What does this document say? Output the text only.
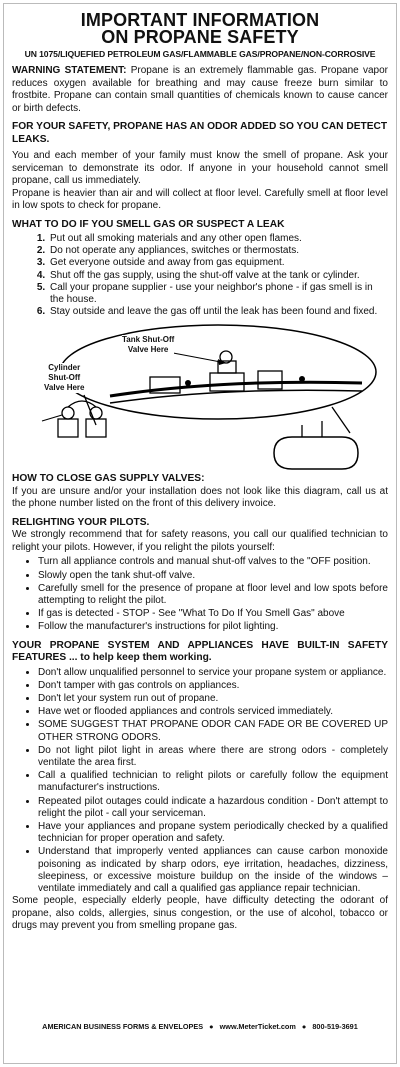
IMPORTANT INFORMATION
ON PROPANE SAFETY
UN 1075/LIQUEFIED PETROLEUM GAS/FLAMMABLE GAS/PROPANE/NON-CORROSIVE

WARNING STATEMENT: Propane is an extremely flammable gas. Propane vapor reduces oxygen available for breathing and may cause freeze burn similar to frostbite. Propane can contain small quantities of chemicals known to cause cancer or birth defects.

FOR YOUR SAFETY, PROPANE HAS AN ODOR ADDED SO YOU CAN DETECT LEAKS.

You and each member of your family must know the smell of propane. Ask your serviceman to demonstrate its odor. If anyone in your household cannot smell propane, call us immediately.

Propane is heavier than air and will collect at floor level. Carefully smell at floor level in low spots to check for propane.

WHAT TO DO IF YOU SMELL GAS OR SUSPECT A LEAK
1. Put out all smoking materials and any other open flames.
2. Do not operate any appliances, switches or thermostats.
3. Get everyone outside and away from gas equipment.
4. Shut off the gas supply, using the shut-off valve at the tank or cylinder.
5. Call your propane supplier - use your neighbor's phone - if gas smell is in the house.
6. Stay outside and leave the gas off until the leak has been found and fixed.
Cylinder
Shut-Off
Valve Here
Tank Shut-Off
Valve Here
HOW TO CLOSE GAS SUPPLY VALVES:

If you are unsure and/or your installation does not look like this diagram, call us at the phone number listed on the front of this delivery invoice.

RELIGHTING YOUR PILOTS.

We strongly recommend that for safety reasons, you call our qualified technician to relight your pilots. However, if you relight the pilots yourself:

• Turn all appliance controls and manual shut-off valves to the "OFF position.
• Slowly open the tank shut-off valve.
• Carefully smell for the presence of propane at floor level and low spots before attempting to relight the pilot.
• If gas is detected - STOP - See "What To Do If You Smell Gas" above
• Follow the manufacturer's instructions for pilot lighting.
YOUR PROPANE SYSTEM AND APPLIANCES HAVE BUILT-IN SAFETY FEATURES ... to help keep them working.
• Don't allow unqualified personnel to service your propane system or appliance.
• Don't tamper with gas controls on appliances.
• Don't let your system run out of propane.
• Have wet or flooded appliances and controls serviced immediately.
• SOME SUGGEST THAT PROPANE ODOR CAN FADE OR BE COVERED UP OTHER STRONG ODORS.
• Do not light pilot light in areas where there are strong odors - completely ventilate the area first.
• Call a qualified technician to relight pilots or carefully follow the equipment manufacturer's instructions.
• Repeated pilot outages could indicate a hazardous condition - Don't attempt to relight the pilot - call your serviceman.
• Have your appliances and propane system periodically checked by a qualified technician for proper operation and safety.
• Understand that improperly vented appliances can cause carbon monoxide poisoning as indicated by sharp odors, eye irritation, headaches, dizziness, sleepiness, or excessive moisture buildup on the inside of the windows – ventilate immediately and call a qualified gas appliance repair technician.

Some people, especially elderly people, have difficulty detecting the odorant of propane, also colds, allergies, sinus congestion, or the use of alcohol, tobacco or drugs may prevent you from smelling propane gas.

AMERICAN BUSINESS FORMS & ENVELOPES ● www.MeterTicket.com ● 800-519-3691
